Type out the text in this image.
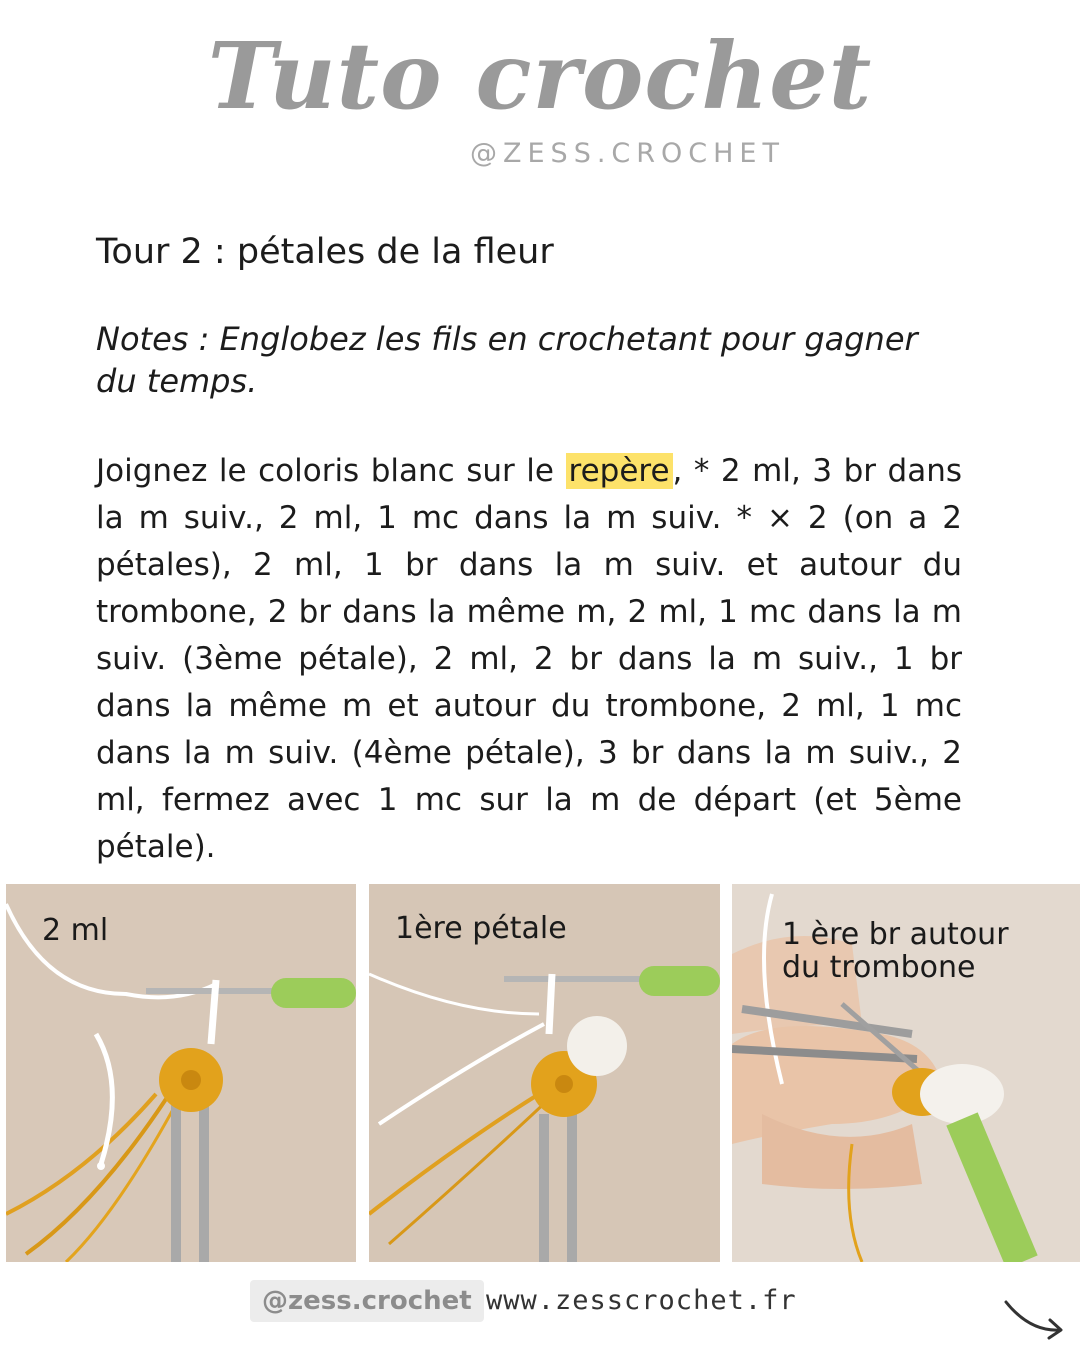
Tuto crochet
@ZESS.CROCHET
Tour 2 : pétales de la fleur
Notes : Englobez les fils en crochetant pour gagner du temps.
Joignez le coloris blanc sur le repère, * 2 ml, 3 br dans la m suiv., 2 ml, 1 mc dans la m suiv. * × 2 (on a 2 pétales), 2 ml, 1 br dans la m suiv. et autour du trombone, 2 br dans la même m, 2 ml, 1 mc dans la m suiv. (3ème pétale), 2 ml, 2 br dans la m suiv., 1 br dans la même m et autour du trombone, 2 ml, 1 mc dans la m suiv. (4ème pétale), 3 br dans la m suiv., 2 ml, fermez avec 1 mc sur la m de départ (et 5ème pétale).
2 ml	1ère pétale	1 ère br autour
du trombone
@zess.crochet www.zesscrochet.fr
